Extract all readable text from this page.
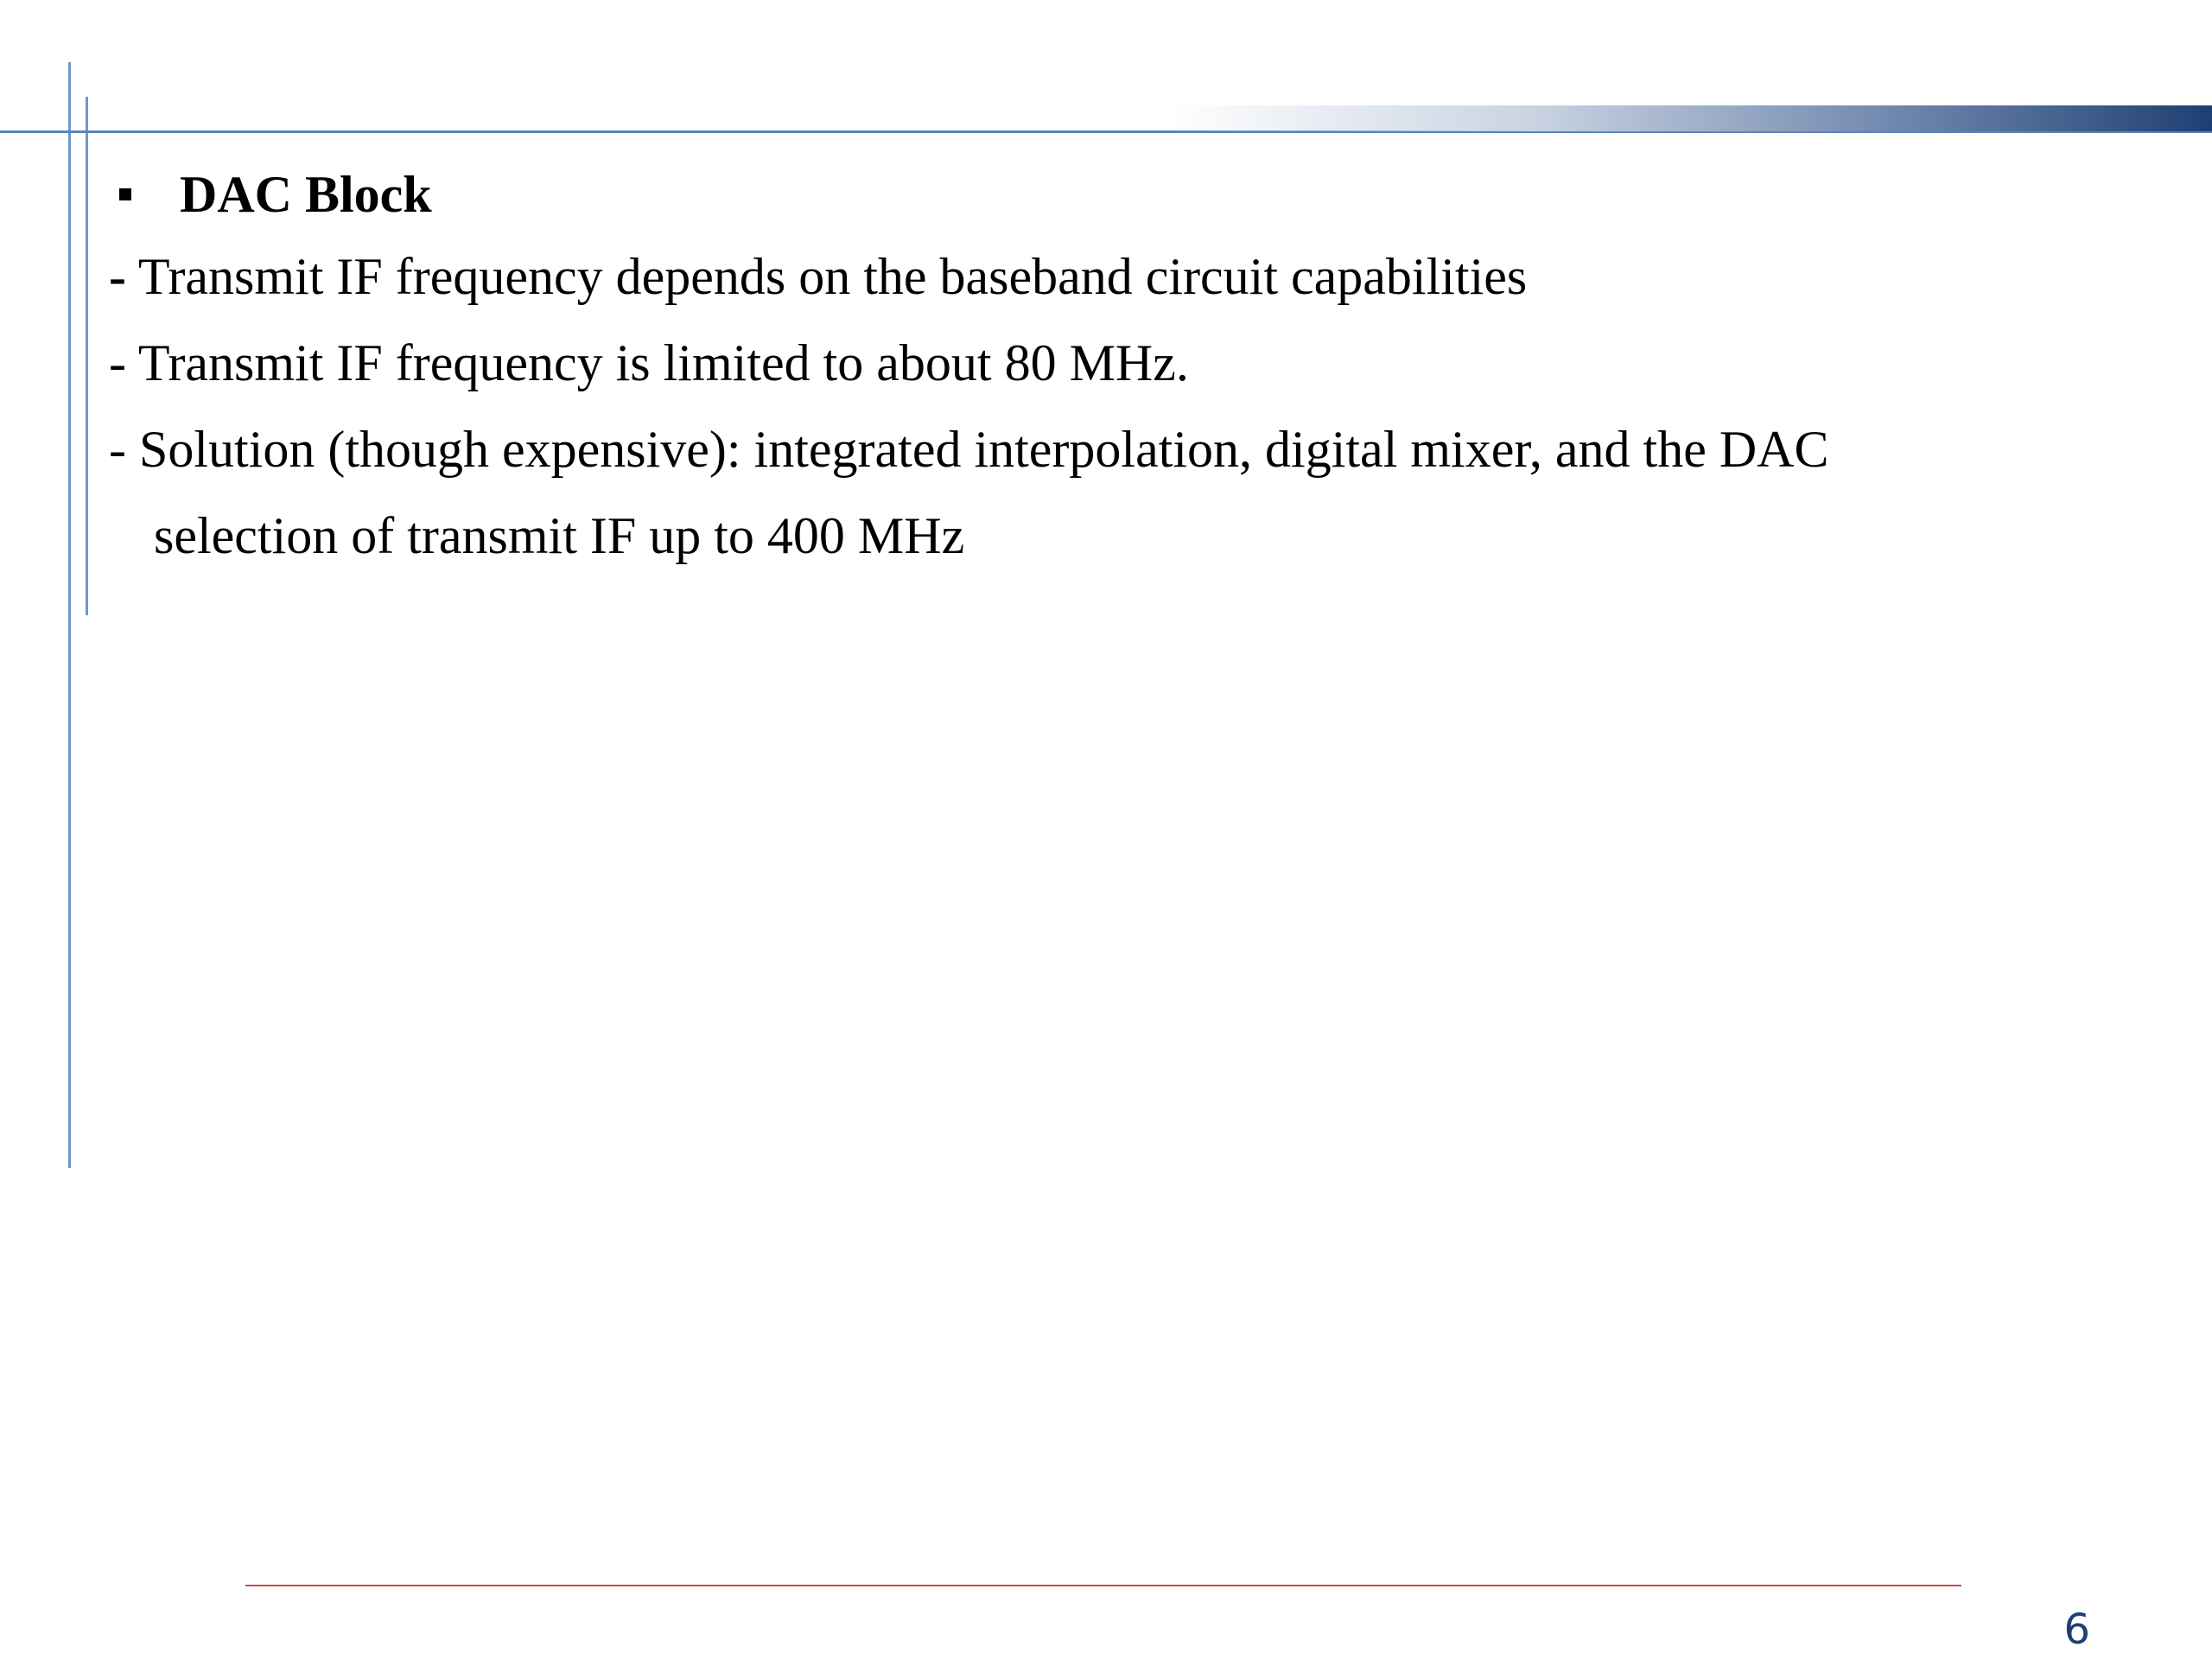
DAC Block
- Transmit IF frequency depends on the baseband circuit capabilities
- Transmit IF frequency is limited to about 80 MHz.
- Solution (though expensive): integrated interpolation, digital mixer, and the DAC
selection of transmit IF up to 400 MHz
6
